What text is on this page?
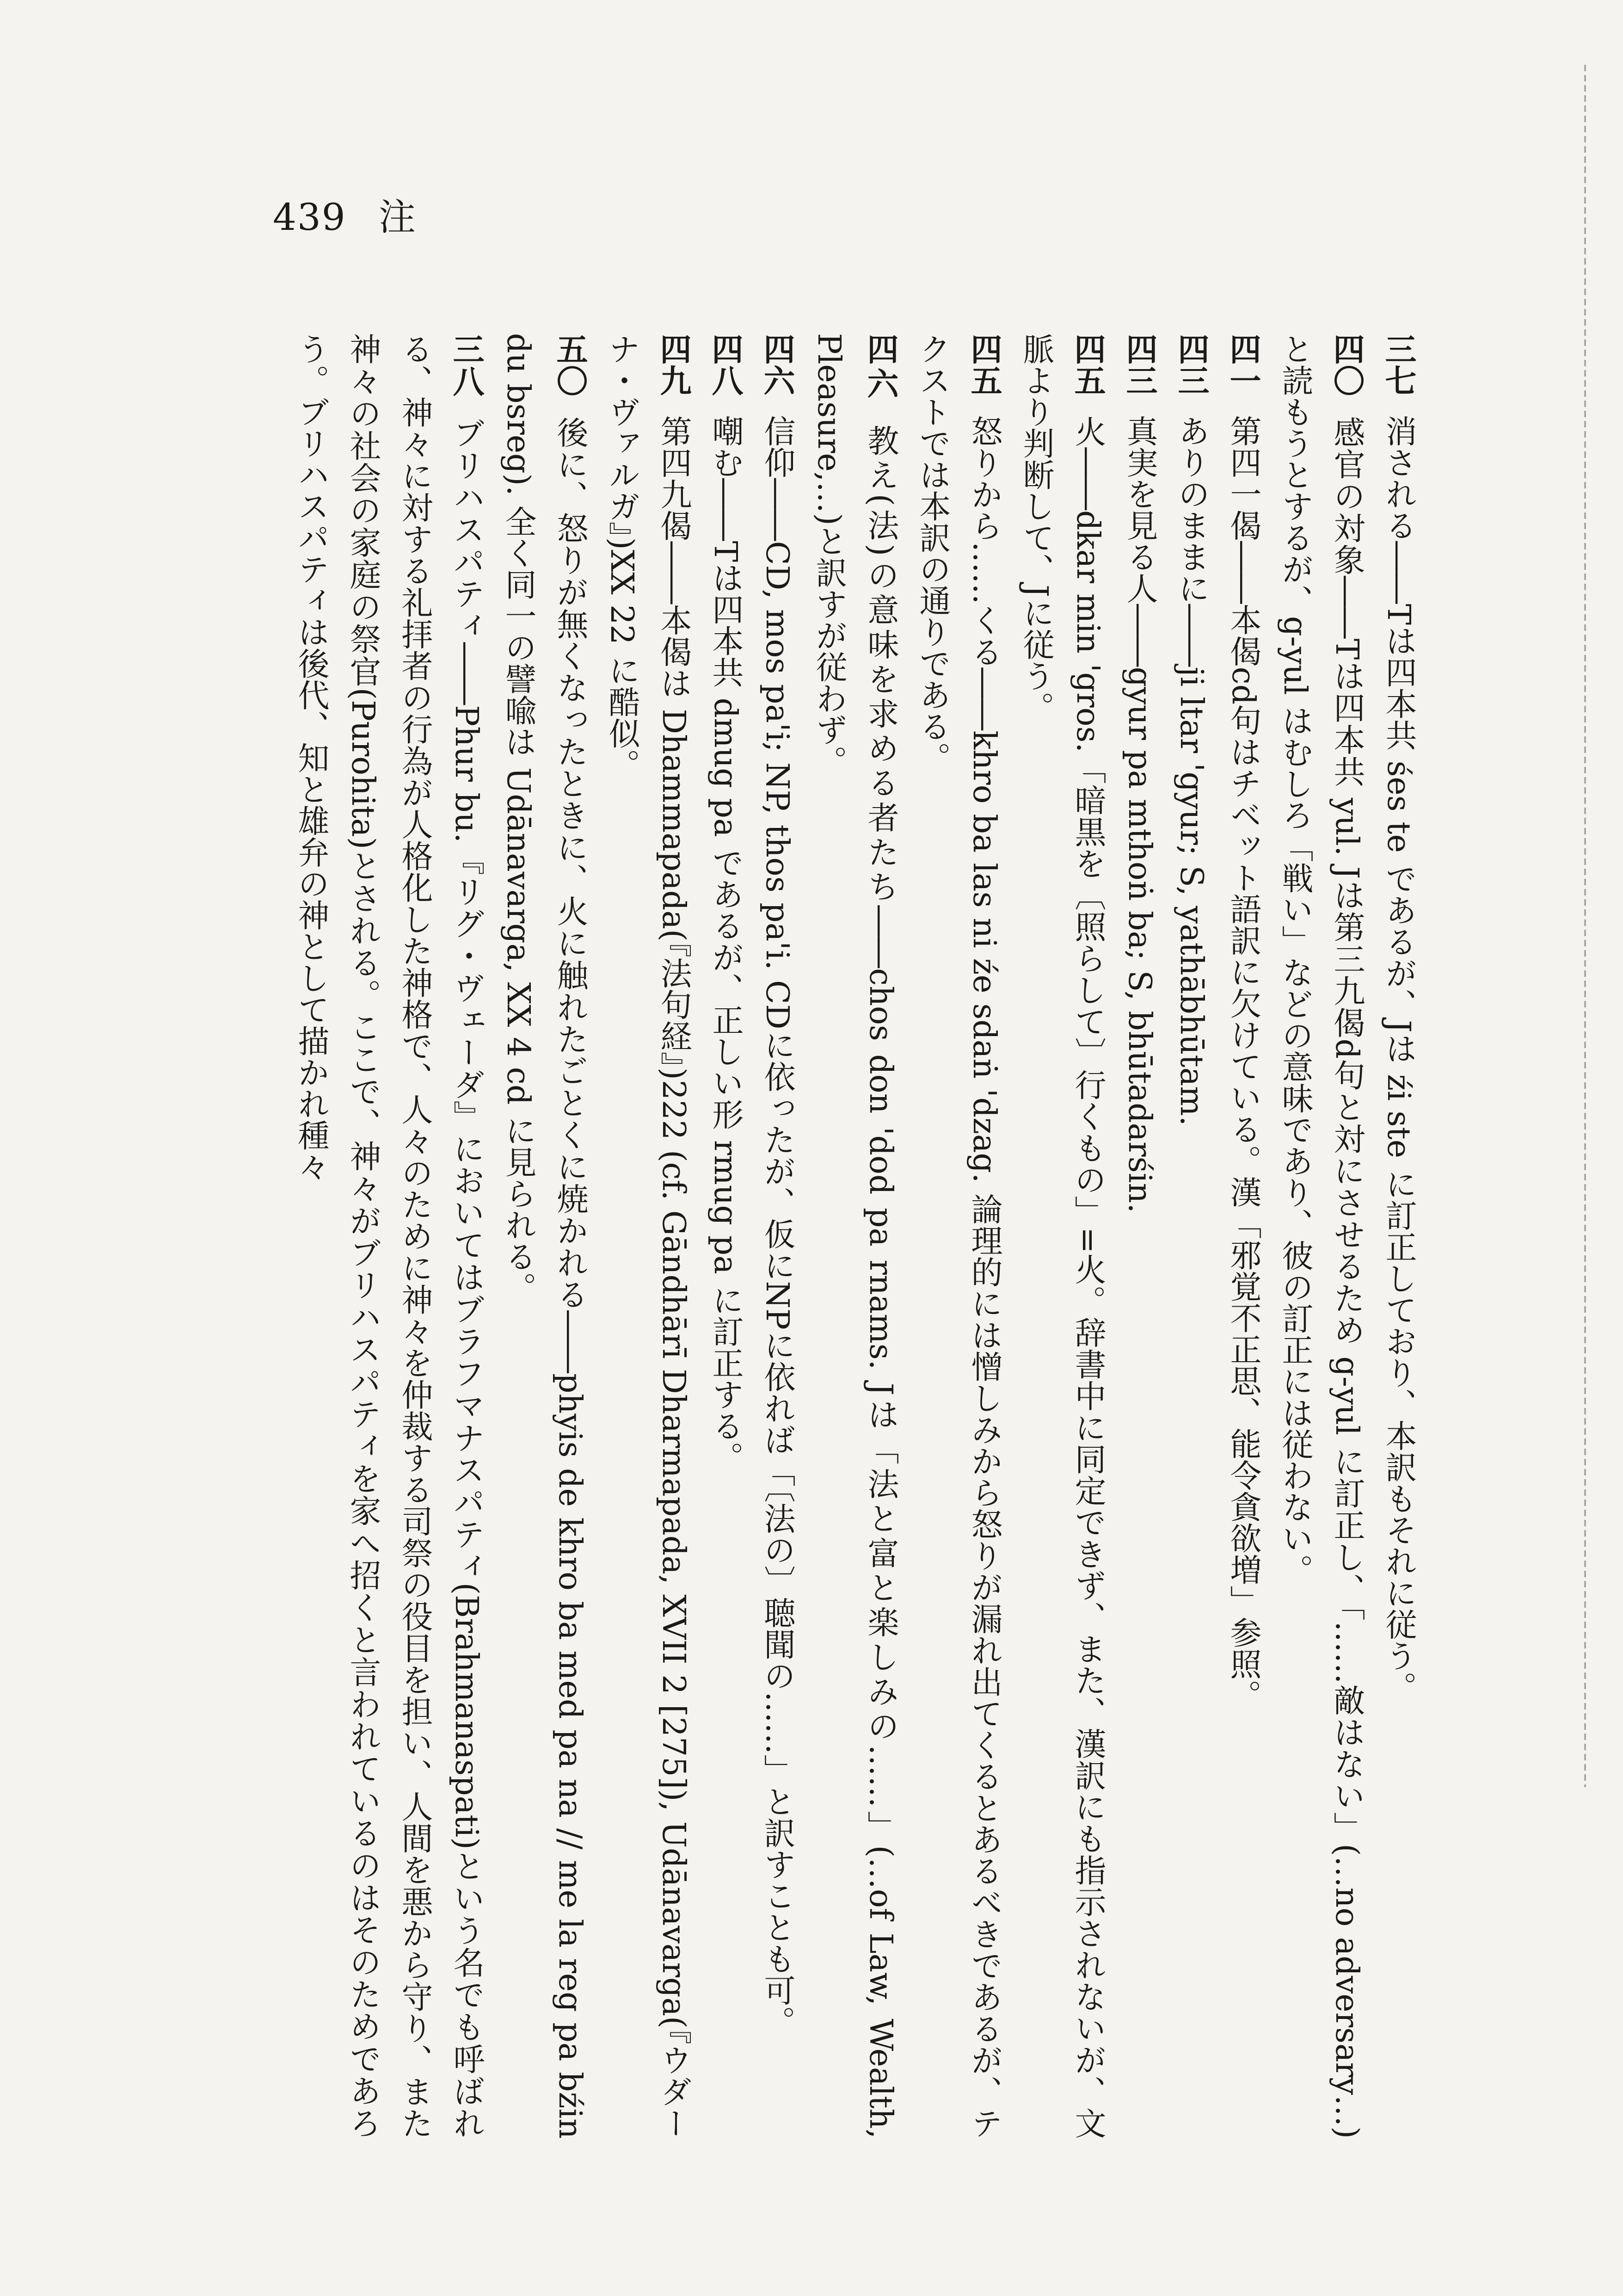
439 注

三七 消される――Tは四本共 śes te であるが、Jは źi ste に訂正しており、本訳もそれに従う。

四〇 感官の対象――Tは四本共 yul. Jは第三九偈d句と対にさせるため g-yul に訂正し、「……敵はない」(…no adversary…)と読もうとするが、g-yul はむしろ「戦い」などの意味であり、彼の訂正には従わない。

四一 第四一偈――本偈cd句はチベット語訳に欠けている。漢「邪覚不正思、能令貪欲増」参照。

四三 ありのままに――ji ltar 'gyur; S, yathābhūtam.

四三 真実を見る人――gyur pa mthoṅ ba; S, bhūtadarśin.

四五 火――dkar min 'gros.「暗黒を〔照らして〕行くもの」=火。辞書中に同定できず、また、漢訳にも指示されないが、文脈より判断して、Jに従う。

四五 怒りから……くる――khro ba las ni źe sdaṅ 'dzag. 論理的には憎しみから怒りが漏れ出てくるとあるべきであるが、テクストでは本訳の通りである。

四六 教え(法)の意味を求める者たち――chos don 'dod pa rnams. Jは「法と富と楽しみの……」(…of Law, Wealth, Pleasure,…)と訳すが従わず。

四六 信仰――CD, mos pa'i; NP, thos pa'i. CDに依ったが、仮にNPに依れば「〔法の〕聴聞の……」と訳すことも可。

四八 嘲む――Tは四本共 dmug pa であるが、正しい形 rmug pa に訂正する。

四九 第四九偈――本偈は Dhammapada(『法句経』)222 (cf. Gāndhārī Dharmapada, XVII 2 [275]), Udānavarga(『ウダーナ・ヴァルガ』)XX 22 に酷似。

五〇 後に、怒りが無くなったときに、火に触れたごとくに焼かれる――phyis de khro ba med pa na // me la reg pa bźin du bsreg). 全く同一の譬喩は Udānavarga, XX 4 cd に見られる。

三八 ブリハスパティ――Phur bu.『リグ・ヴェーダ』においてはブラフマナスパティ(Brahmanaspati)という名でも呼ばれる、神々に対する礼拝者の行為が人格化した神格で、人々のために神々を仲裁する司祭の役目を担い、人間を悪から守り、また神々の社会の家庭の祭官(Purohita)とされる。ここで、神々がブリハスパティを家へ招くと言われているのはそのためであろう。ブリハスパティは後代、知と雄弁の神として描かれ種々
